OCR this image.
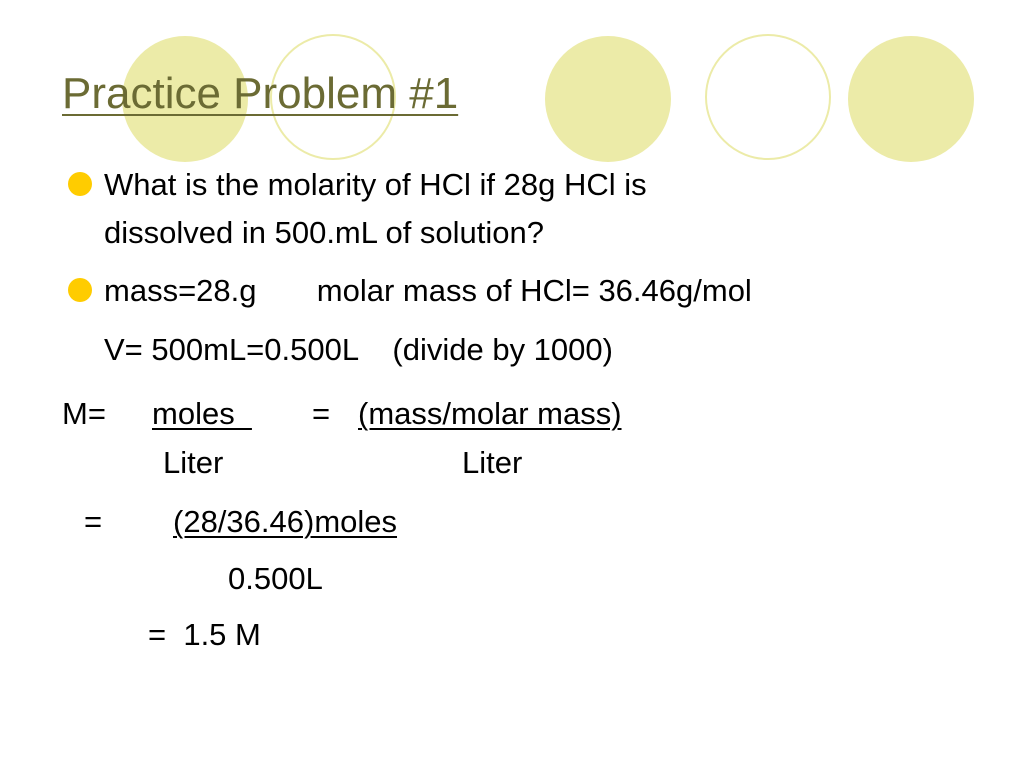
Practice Problem #1
What is the molarity of HCl if 28g HCl is
dissolved in 500.mL of solution?
mass=28.g       molar mass of HCl= 36.46g/mol
V= 500mL=0.500L    (divide by 1000)
M= moles = (mass/molar mass)
Liter	Liter
= (28/36.46)moles
0.500L
=  1.5 M
